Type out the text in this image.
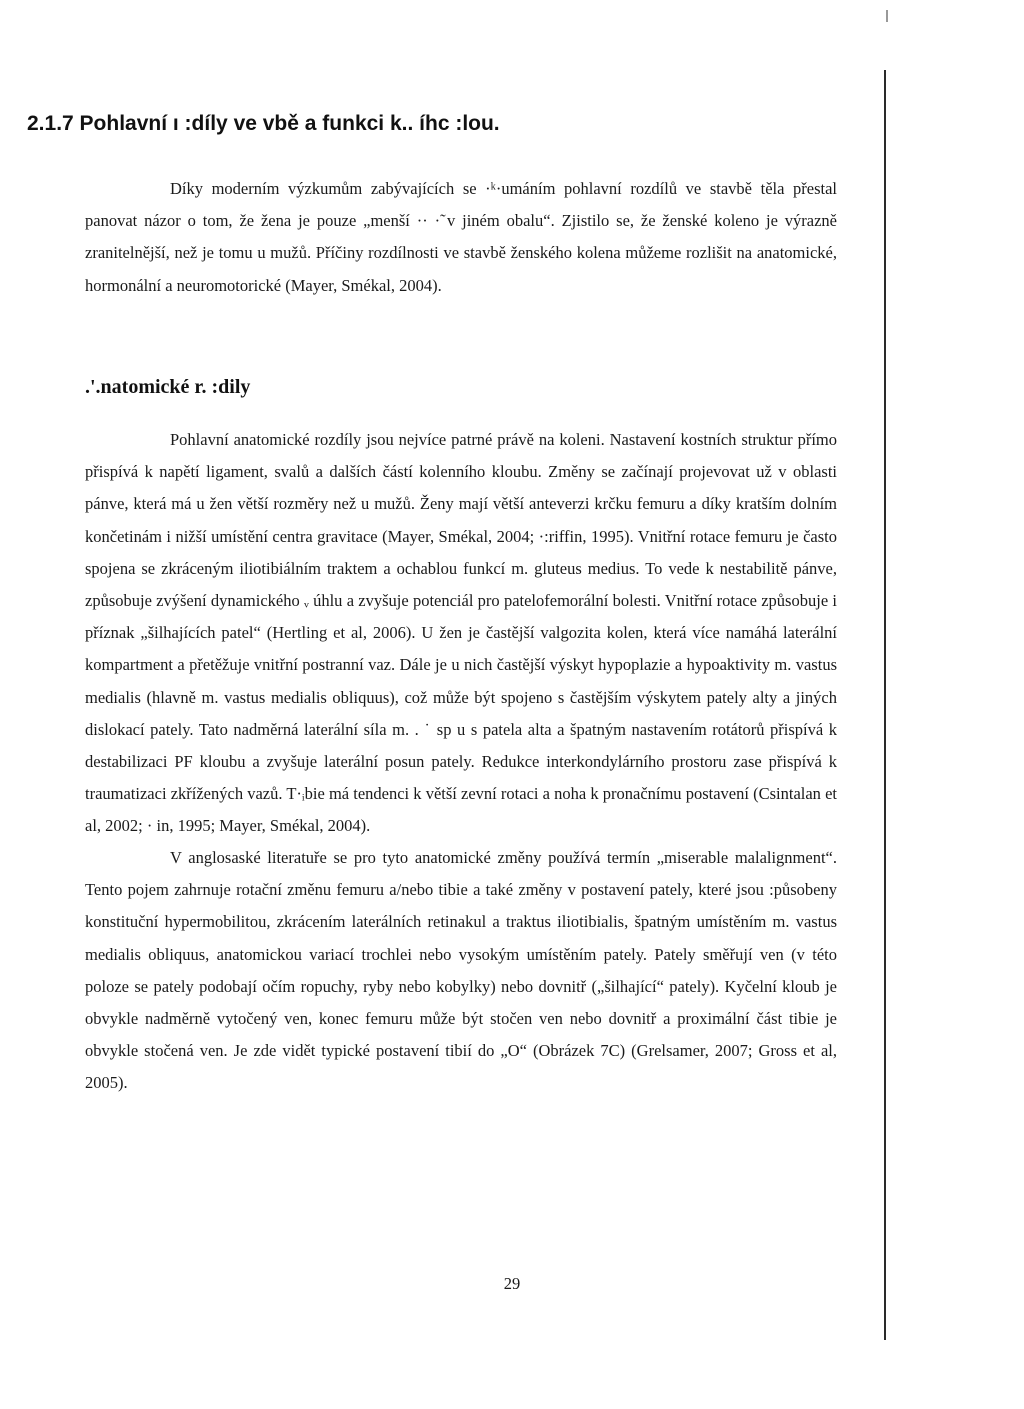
2.1.7 Pohlavní ı :díly ve vbě a funkci k.. íhc :lou.

Díky moderním výzkumům zabývajících se ·ᵏ·umáním pohlavní rozdílů ve stavbě těla přestal panovat názor o tom, že žena je pouze „menší ·· ·̃ v jiném obalu“. Zjistilo se, že ženské koleno je výrazně zranitelnější, než je tomu u mužů. Příčiny rozdílnosti ve stavbě ženského kolena můžeme rozlišit na anatomické, hormonální a neuromotorické (Mayer, Smékal, 2004).

.'.natomické r. :dily

Pohlavní anatomické rozdíly jsou nejvíce patrné právě na koleni. Nastavení kostních struktur přímo přispívá k napětí ligament, svalů a dalších částí kolenního kloubu. Změny se začínají projevovat už v oblasti pánve, která má u žen větší rozměry než u mužů. Ženy mají větší anteverzi krčku femuru a díky kratším dolním končetinám i nižší umístění centra gravitace (Mayer, Smékal, 2004; ·:riffin, 1995). Vnitřní rotace femuru je často spojena se zkráceným iliotibiálním traktem a ochablou funkcí m. gluteus medius. To vede k nestabilitě pánve, způsobuje zvýšení dynamického ᵥ úhlu a zvyšuje potenciál pro patelofemorální bolesti. Vnitřní rotace způsobuje i příznak „šilhajících patel“ (Hertling et al, 2006). U žen je častější valgozita kolen, která více namáhá laterální kompartment a přetěžuje vnitřní postranní vaz. Dále je u nich častější výskyt hypoplazie a hypoaktivity m. vastus medialis (hlavně m. vastus medialis obliquus), což může být spojeno s častějším výskytem pately alty a jiných dislokací pately. Tato nadměrná laterální síla m. . ˙ sp u s patela alta a špatným nastavením rotátorů přispívá k destabilizaci PF kloubu a zvyšuje laterální posun pately. Redukce interkondylárního prostoru zase přispívá k traumatizaci zkřížených vazů. T·ᵢbie má tendenci k větší zevní rotaci a noha k pronačnímu postavení (Csintalan et al, 2002; · in, 1995; Mayer, Smékal, 2004).

V anglosaské literatuře se pro tyto anatomické změny používá termín „miserable malalignment“. Tento pojem zahrnuje rotační změnu femuru a/nebo tibie a také změny v postavení pately, které jsou :působeny konstituční hypermobilitou, zkrácením laterálních retinakul a traktus iliotibialis, špatným umístěním m. vastus medialis obliquus, anatomickou variací trochlei nebo vysokým umístěním pately. Pately směřují ven (v této poloze se pately podobají očím ropuchy, ryby nebo kobylky) nebo dovnitř („šilhající“ pately). Kyčelní kloub je obvykle nadměrně vytočený ven, konec femuru může být stočen ven nebo dovnitř a proximální část tibie je obvykle stočená ven. Je zde vidět typické postavení tibií do „O“ (Obrázek 7C) (Grelsamer, 2007; Gross et al, 2005).

29
